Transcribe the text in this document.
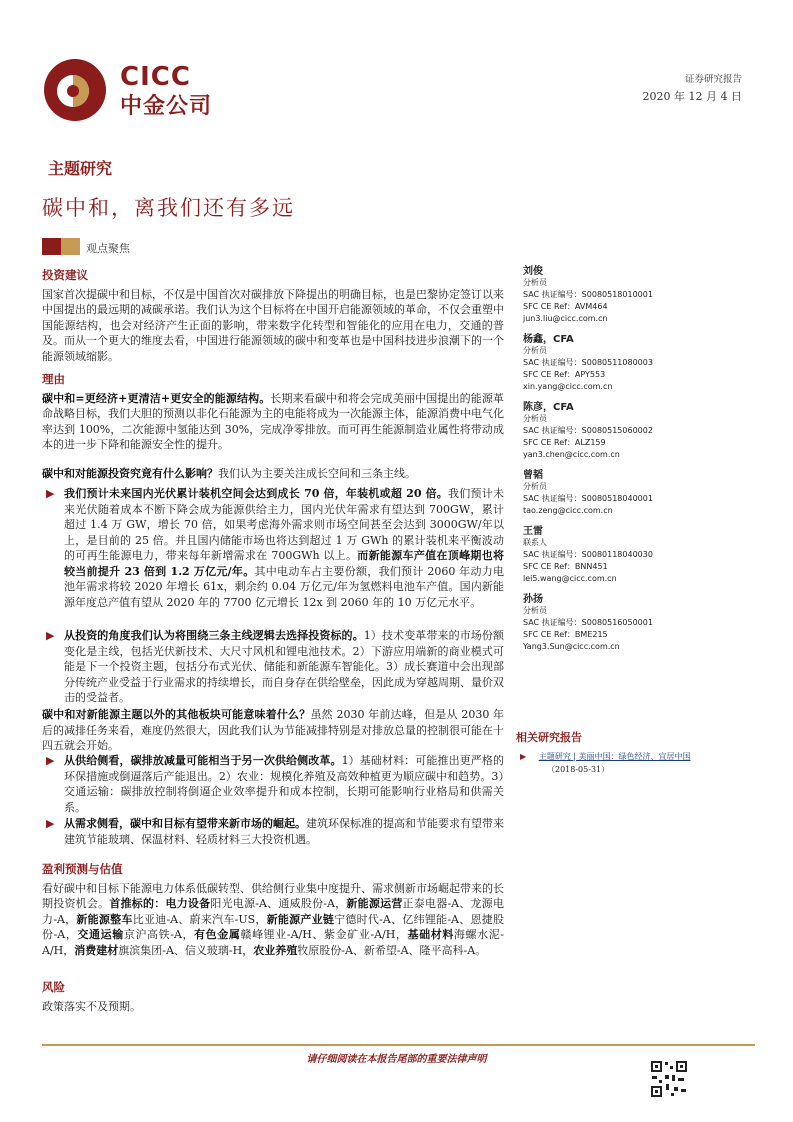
CICC
中金公司
证券研究报告
2020 年 12 月 4 日
主题研究
碳中和，离我们还有多远
观点聚焦
投资建议
国家首次提碳中和目标，不仅是中国首次对碳排放下降提出的明确目标，也是巴黎协定签订以来中国提出的最远期的减碳承诺。我们认为这个目标将在中国开启能源领域的革命，不仅会重塑中国能源结构，也会对经济产生正面的影响，带来数字化转型和智能化的应用在电力，交通的普及。而从一个更大的维度去看，中国进行能源领域的碳中和变革也是中国科技进步浪潮下的一个能源领域缩影。
理由
碳中和=更经济+更清洁+更安全的能源结构。长期来看碳中和将会完成美丽中国提出的能源革命战略目标，我们大胆的预测以非化石能源为主的电能将成为一次能源主体，能源消费中电气化率达到 100%，二次能源中氢能达到 30%，完成净零排放。而可再生能源制造业属性将带动成本的进一步下降和能源安全性的提升。
碳中和对能源投资究竟有什么影响？我们认为主要关注成长空间和三条主线。
▶ 我们预计未来国内光伏累计装机空间会达到成长 70 倍，年装机或超 20 倍。我们预计未来光伏随着成本不断下降会成为能源供给主力，国内光伏年需求有望达到 700GW，累计超过 1.4 万 GW，增长 70 倍，如果考虑海外需求则市场空间甚至会达到 3000GW/年以上，是目前的 25 倍。并且国内储能市场也将达到超过 1 万 GWh 的累计装机来平衡波动的可再生能源电力，带来每年新增需求在 700GWh 以上。而新能源车产值在顶峰期也将较当前提升 23 倍到 1.2 万亿元/年。其中电动车占主要份额，我们预计 2060 年动力电池年需求将较 2020 年增长 61x，剩余约 0.04 万亿元/年为氢燃料电池车产值。国内新能源年度总产值有望从 2020 年的 7700 亿元增长 12x 到 2060 年的 10 万亿元水平。
▶ 从投资的角度我们认为将围绕三条主线逻辑去选择投资标的。1）技术变革带来的市场份额变化是主线，包括光伏新技术、大尺寸风机和锂电池技术。2）下游应用端新的商业模式可能是下一个投资主题，包括分布式光伏、储能和新能源车智能化。3）成长赛道中会出现部分传统产业受益于行业需求的持续增长，而自身存在供给壁垒，因此成为穿越周期、量价双击的受益者。
碳中和对新能源主题以外的其他板块可能意味着什么？虽然 2030 年前达峰，但是从 2030 年后的减排任务来看，难度仍然很大，因此我们认为节能减排特别是对排放总量的控制很可能在十四五就会开始。
▶ 从供给侧看，碳排放减量可能相当于另一次供给侧改革。1）基础材料：可能推出更严格的环保措施或倒逼落后产能退出。2）农业：规模化养殖及高效种植更为顺应碳中和趋势。3）交通运输：碳排放控制将倒逼企业效率提升和成本控制，长期可能影响行业格局和供需关系。
▶ 从需求侧看，碳中和目标有望带来新市场的崛起。建筑环保标准的提高和节能要求有望带来建筑节能玻璃、保温材料、轻质材料三大投资机遇。
盈利预测与估值
看好碳中和目标下能源电力体系低碳转型、供给侧行业集中度提升、需求侧新市场崛起带来的长期投资机会。首推标的：电力设备阳光电源-A、通威股份-A，新能源运营正泰电器-A、龙源电力-A，新能源整车比亚迪-A、蔚来汽车-US，新能源产业链宁德时代-A、亿纬锂能-A、恩捷股份-A，交通运输京沪高铁-A，有色金属赣峰锂业-A/H、紫金矿业-A/H，基础材料海螺水泥-A/H，消费建材旗滨集团-A、信义玻璃-H，农业养殖牧原股份-A、新希望-A、隆平高科-A。
风险
政策落实不及预期。
刘俊
分析员
SAC 执证编号：S0080518010001
SFC CE Ref：AVM464
jun3.liu@cicc.com.cn
杨鑫，CFA
分析员
SAC 执证编号：S0080511080003
SFC CE Ref：APY553
xin.yang@cicc.com.cn
陈彦，CFA
分析员
SAC 执证编号：S0080515060002
SFC CE Ref：ALZ159
yan3.chen@cicc.com.cn
曾韬
分析员
SAC 执证编号：S0080518040001
tao.zeng@cicc.com.cn
王雷
联系人
SAC 执证编号：S0080118040030
SFC CE Ref：BNN451
lei5.wang@cicc.com.cn
孙扬
分析员
SAC 执证编号：S0080516050001
SFC CE Ref：BME215
Yang3.Sun@cicc.com.cn
相关研究报告
▶ 主题研究 | 美丽中国：绿色经济、宜居中国
（2018-05-31）
请仔细阅读在本报告尾部的重要法律声明
